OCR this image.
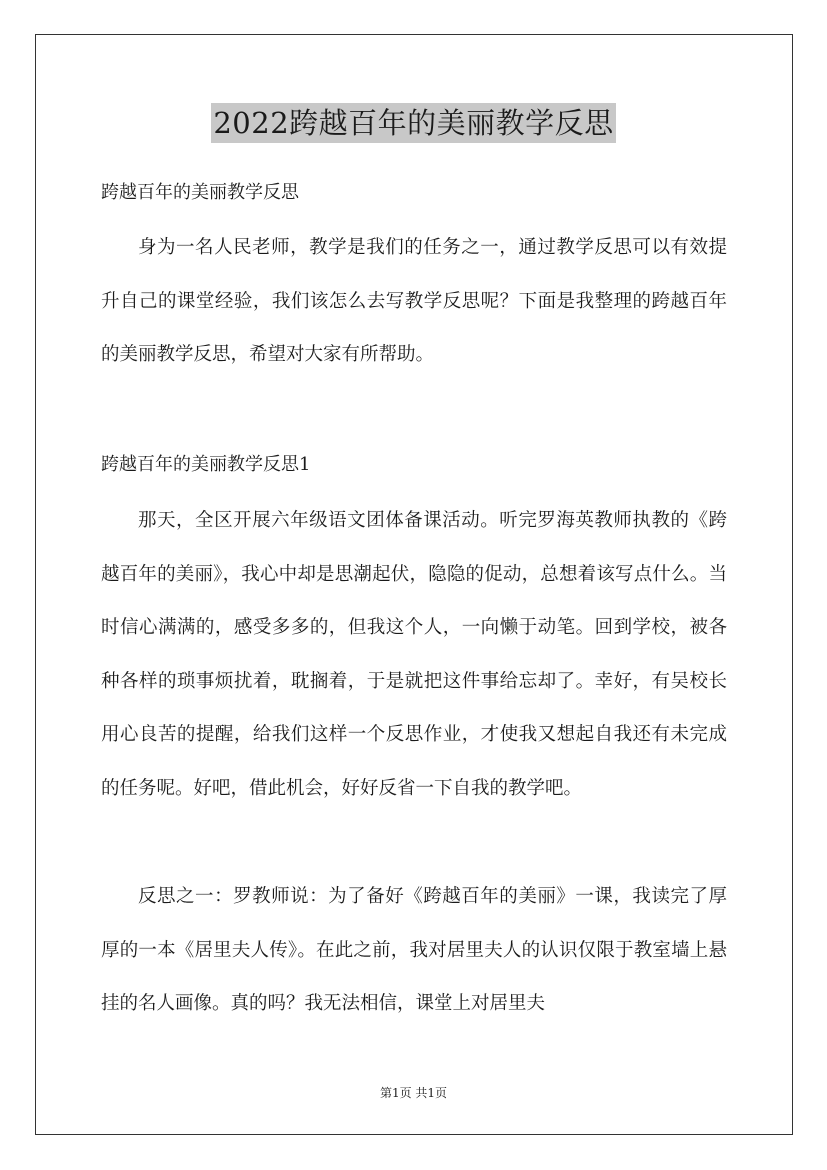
2022跨越百年的美丽教学反思

跨越百年的美丽教学反思

身为一名人民老师，教学是我们的任务之一，通过教学反思可以有效提升自己的课堂经验，我们该怎么去写教学反思呢？下面是我整理的跨越百年的美丽教学反思，希望对大家有所帮助。

跨越百年的美丽教学反思1

那天，全区开展六年级语文团体备课活动。听完罗海英教师执教的《跨越百年的美丽》，我心中却是思潮起伏，隐隐的促动，总想着该写点什么。当时信心满满的，感受多多的，但我这个人，一向懒于动笔。回到学校，被各种各样的琐事烦扰着，耽搁着，于是就把这件事给忘却了。幸好，有吴校长用心良苦的提醒，给我们这样一个反思作业，才使我又想起自我还有未完成的任务呢。好吧，借此机会，好好反省一下自我的教学吧。

反思之一：罗教师说：为了备好《跨越百年的美丽》一课，我读完了厚厚的一本《居里夫人传》。在此之前，我对居里夫人的认识仅限于教室墙上悬挂的名人画像。真的吗？我无法相信，课堂上对居里夫

第1页 共1页
